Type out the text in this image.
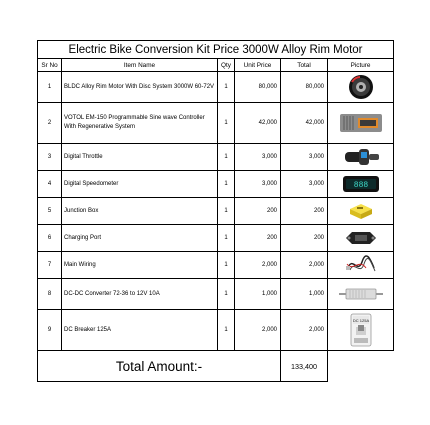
Electric Bike Conversion Kit Price 3000W Alloy Rim Motor					
Sr No	Item Name	Qty	Unit Price	Total	Picture
1	BLDC Alloy Rim Motor With Disc System 3000W 60-72V	1	80,000	80,000	

2	VOTOL EM-150 Programmable Sine wave Controller With Regenerative System	1	42,000	42,000	

3	Digital Throttle	1	3,000	3,000	

4	Digital Speedometer	1	3,000	3,000	888

5	Junction Box	1	200	200	

6	Charging Port	1	200	200	

7	Main Wiring	1	2,000	2,000	

8	DC-DC Converter 72-36 to 12V 10A	1	1,000	1,000	

9	DC Breaker 125A	1	2,000	2,000	DC 125A

Total Amount:-				133,400	
